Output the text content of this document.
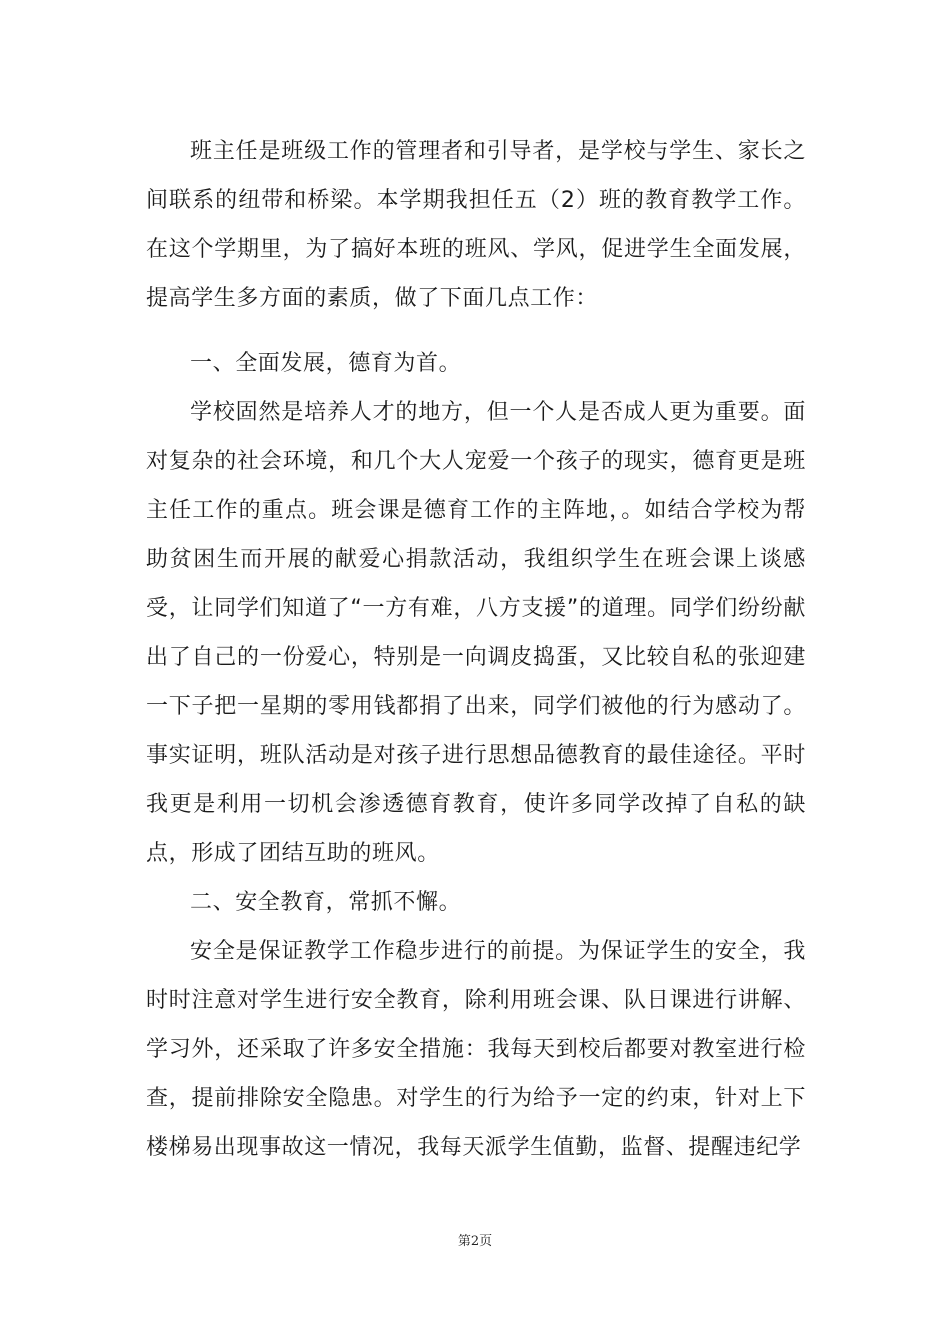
班主任是班级工作的管理者和引导者，是学校与学生、家长之间联系的纽带和桥梁。本学期我担任五（2）班的教育教学工作。在这个学期里，为了搞好本班的班风、学风，促进学生全面发展，提高学生多方面的素质，做了下面几点工作：

一、全面发展，德育为首。

学校固然是培养人才的地方，但一个人是否成人更为重要。面对复杂的社会环境，和几个大人宠爱一个孩子的现实，德育更是班主任工作的重点。班会课是德育工作的主阵地，。如结合学校为帮助贫困生而开展的献爱心捐款活动，我组织学生在班会课上谈感受，让同学们知道了“一方有难，八方支援”的道理。同学们纷纷献出了自己的一份爱心，特别是一向调皮捣蛋，又比较自私的张迎建一下子把一星期的零用钱都捐了出来，同学们被他的行为感动了。事实证明，班队活动是对孩子进行思想品德教育的最佳途径。平时我更是利用一切机会渗透德育教育，使许多同学改掉了自私的缺点，形成了团结互助的班风。

二、安全教育，常抓不懈。

安全是保证教学工作稳步进行的前提。为保证学生的安全，我时时注意对学生进行安全教育，除利用班会课、队日课进行讲解、学习外，还采取了许多安全措施：我每天到校后都要对教室进行检查，提前排除安全隐患。对学生的行为给予一定的约束，针对上下楼梯易出现事故这一情况，我每天派学生值勤，监督、提醒违纪学

第2页
